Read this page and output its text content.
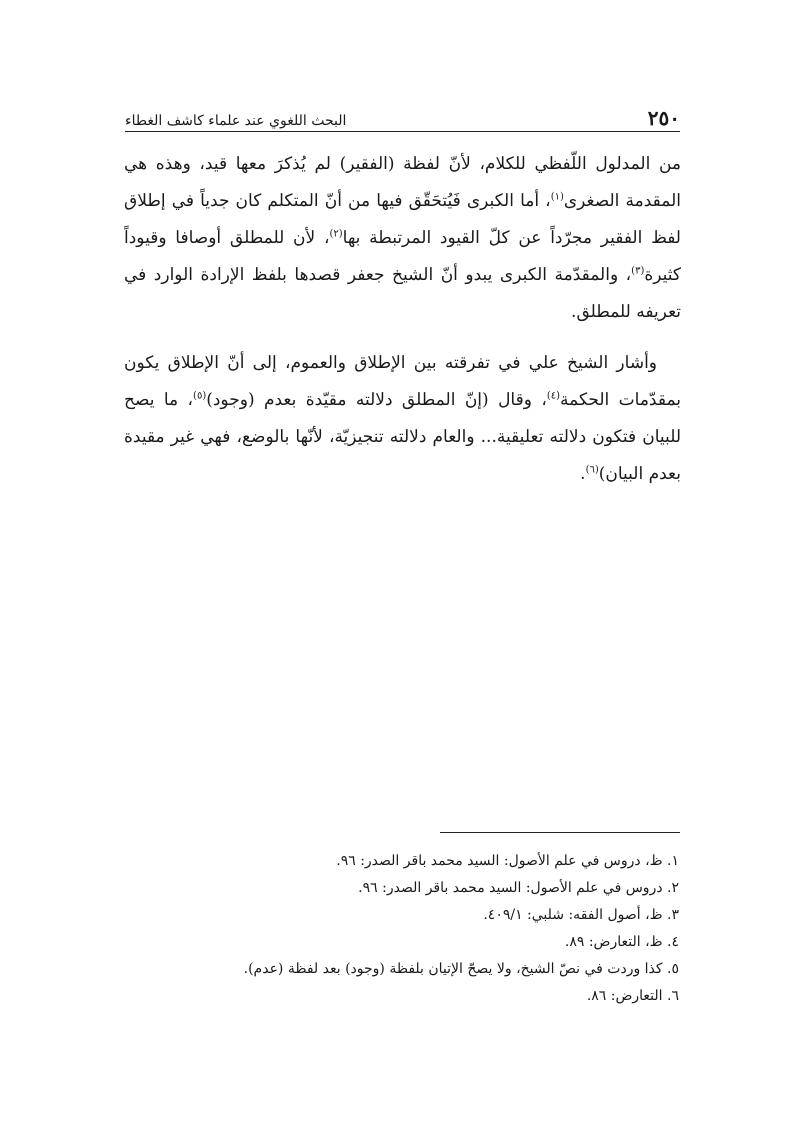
٢٥٠
البحث اللغوي عند علماء كاشف الغطاء

من المدلول اللّفظي للكلام، لأنّ لفظة (الفقير) لم يُذكرَ معها قيد، وهذه هي المقدمة الصغرى$^{(١)}$، أما الكبرى فَيُتحَقّق فيها من أنّ المتكلم كان جدياً في إطلاق لفظ الفقير مجرّداً عن كلّ القيود المرتبطة بها$^{(٢)}$، لأن للمطلق أوصافا وقيوداً كثيرة$^{(٣)}$، والمقدّمة الكبرى يبدو أنّ الشيخ جعفر قصدها بلفظ الإرادة الوارد في تعريفه للمطلق.

وأشار الشيخ علي في تفرقته بين الإطلاق والعموم، إلى أنّ الإطلاق يكون بمقدّمات الحكمة$^{(٤)}$، وقال (إنّ المطلق دلالته مقيّدة بعدم (وجود)$^{(٥)}$، ما يصح للبيان فتكون دلالته تعليقية... والعام دلالته تنجيزيّة، لأنّها بالوضع، فهي غير مقيدة بعدم البيان)$^{(٦)}$.

١. ظ، دروس في علم الأصول: السيد محمد باقر الصدر: ٩٦.

٢. دروس في علم الأصول: السيد محمد باقر الصدر: ٩٦.

٣. ظ، أصول الفقه: شلبي: ٤٠٩/١.

٤. ظ، التعارض: ٨٩.

٥. كذا وردت في نصّ الشيخ، ولا يصحّ الإتيان بلفظة (وجود) بعد لفظة (عدم).

٦. التعارض: ٨٦.
